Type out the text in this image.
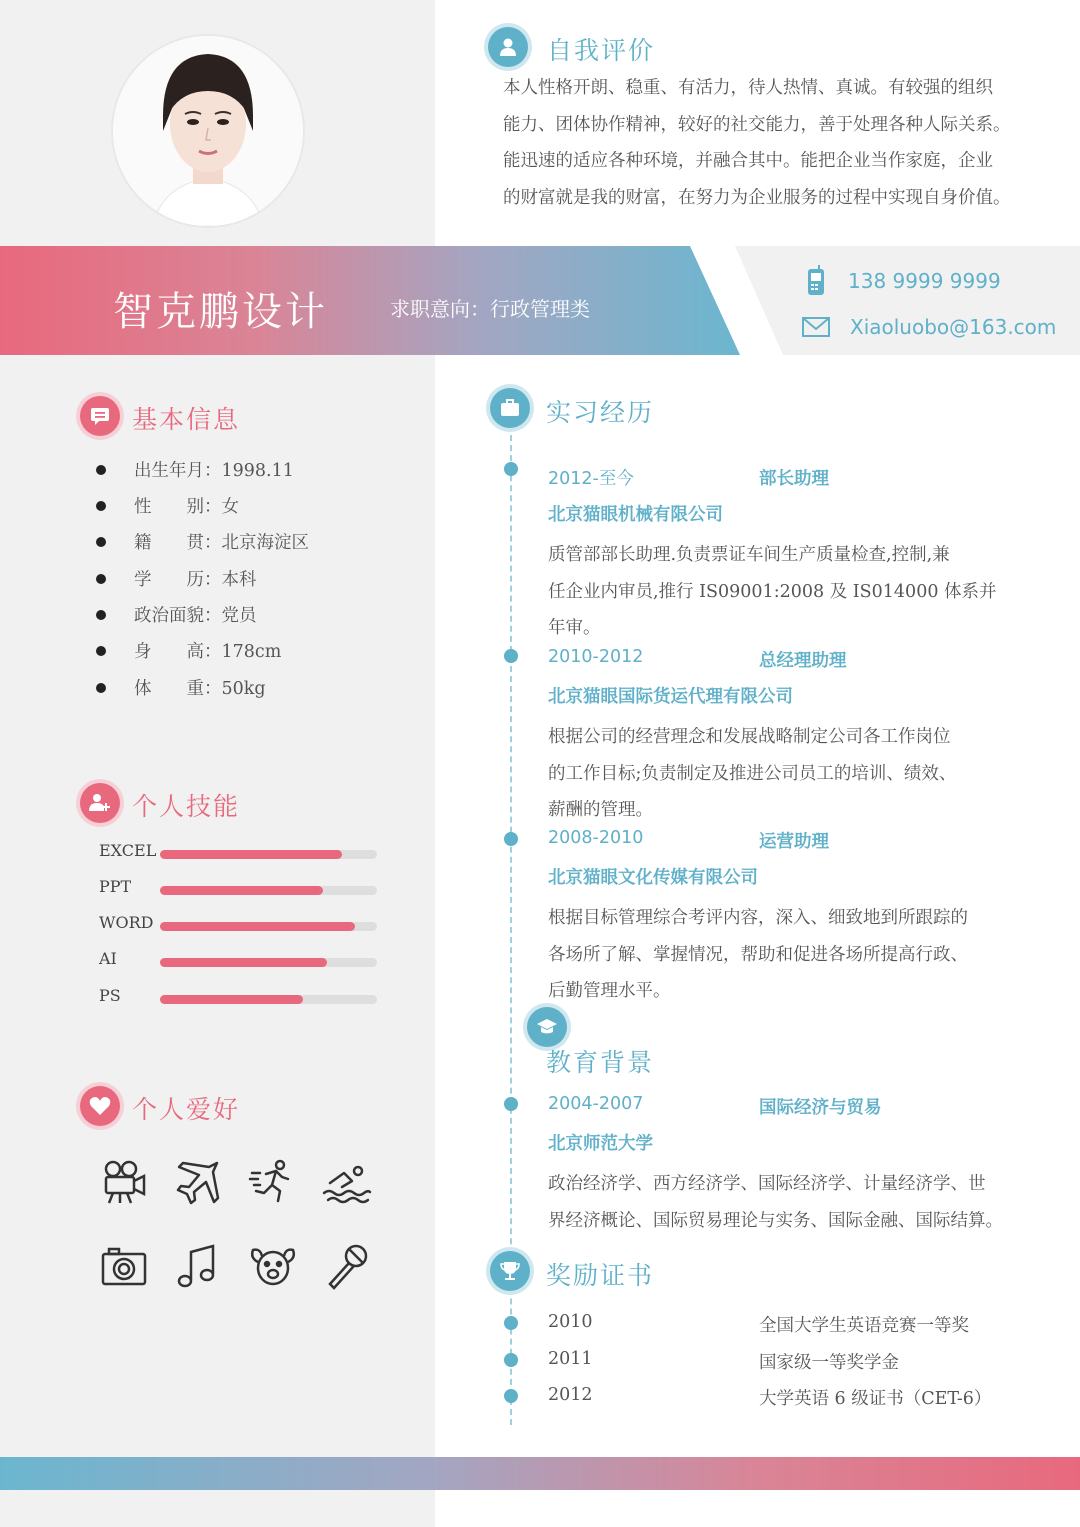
自我评价
本人性格开朗、稳重、有活力，待人热情、真诚。有较强的组织
能力、团体协作精神，较好的社交能力，善于处理各种人际关系。
能迅速的适应各种环境，并融合其中。能把企业当作家庭，企业
的财富就是我的财富，在努力为企业服务的过程中实现自身价值。
智克鹏设计	求职意向：行政管理类
138 9999 9999
Xiaoluobo@163.com
基本信息
出生年月：1998.11
性　　别：女
籍　　贯：北京海淀区
学　　历：本科
政治面貌：党员
身　　高：178cm
体　　重：50kg
个人技能
EXCEL
PPT
WORD
AI
PS
个人爱好
实习经历
2012-至今	部长助理
北京猫眼机械有限公司
质管部部长助理.负责票证车间生产质量检查,控制,兼
任企业内审员,推行 IS09001:2008 及 IS014000 体系并
年审。
2010-2012	总经理助理
北京猫眼国际货运代理有限公司
根据公司的经营理念和发展战略制定公司各工作岗位
的工作目标;负责制定及推进公司员工的培训、绩效、
薪酬的管理。
2008-2010	运营助理
北京猫眼文化传媒有限公司
根据目标管理综合考评内容，深入、细致地到所跟踪的
各场所了解、掌握情况，帮助和促进各场所提高行政、
后勤管理水平。
教育背景
2004-2007	国际经济与贸易
北京师范大学
政治经济学、西方经济学、国际经济学、计量经济学、世
界经济概论、国际贸易理论与实务、国际金融、国际结算。
奖励证书
2010	全国大学生英语竞赛一等奖
2011	国家级一等奖学金
2012	大学英语 6 级证书（CET-6）
